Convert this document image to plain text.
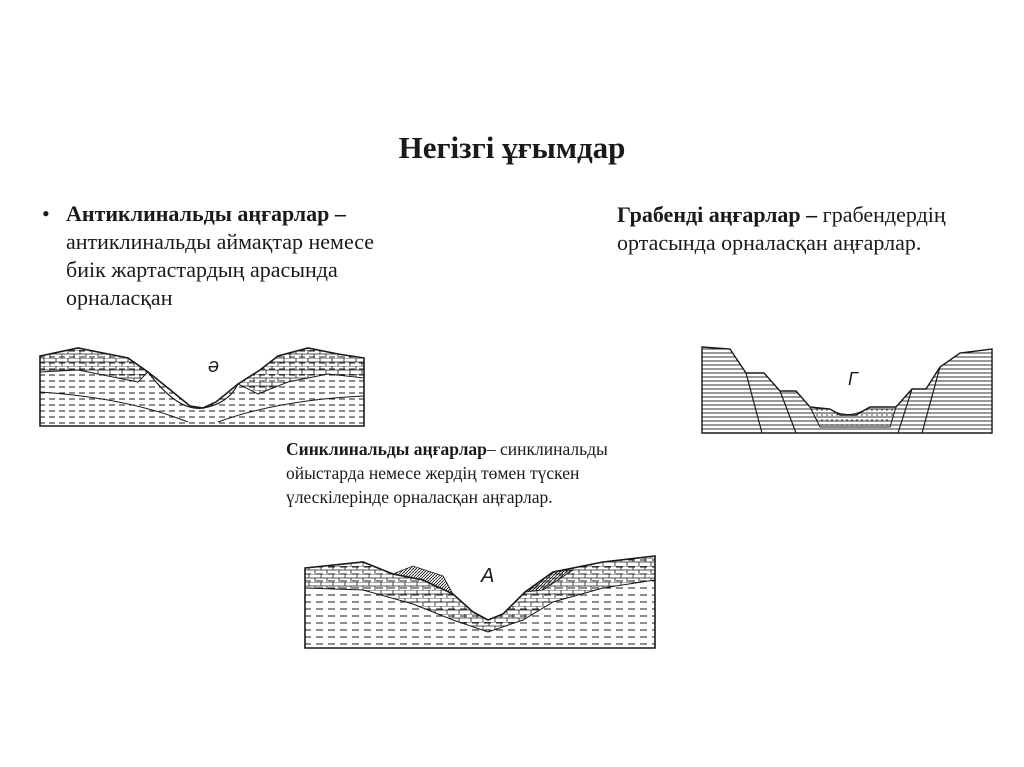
Негізгі ұғымдар
• Антиклинальды аңғарлар – антиклинальды аймақтар немесе биік жартастардың арасында орналасқан
Грабенді аңғарлар – грабендердің ортасында орналасқан аңғарлар.
Синклинальды аңғарлар– синклинальды ойыстарда немесе жердің төмен түскен үлескілерінде орналасқан аңғарлар.
ə
Г
А
